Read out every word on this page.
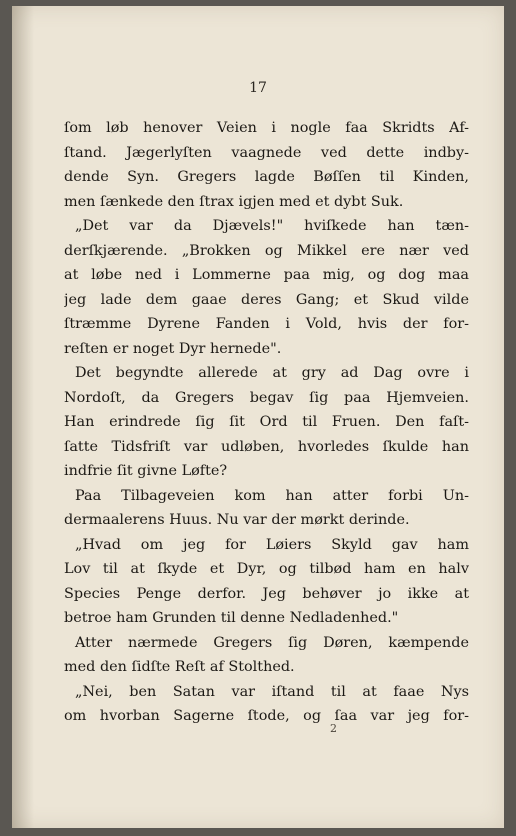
17
ſom løb henover Veien i nogle faa Skridts Af-
ſtand. Jægerlyſten vaagnede ved dette indby-
dende Syn. Gregers lagde Bøſſen til Kinden,
men ſænkede den ſtrax igjen med et dybt Suk.
„Det var da Djævels!" hviſkede han tæn-
derſkjærende. „Brokken og Mikkel ere nær ved
at løbe ned i Lommerne paa mig, og dog maa
jeg lade dem gaae deres Gang; et Skud vilde
ſtræmme Dyrene Fanden i Vold, hvis der for-
reſten er noget Dyr hernede".
Det begyndte allerede at gry ad Dag ovre i
Nordoſt, da Gregers begav ſig paa Hjemveien.
Han erindrede ſig ſit Ord til Fruen. Den faſt-
ſatte Tidsfriſt var udløben, hvorledes ſkulde han
indfrie ſit givne Løfte?
Paa Tilbageveien kom han atter forbi Un-
dermaalerens Huus. Nu var der mørkt derinde.
„Hvad om jeg for Løiers Skyld gav ham
Lov til at ſkyde et Dyr, og tilbød ham en halv
Species Penge derfor. Jeg behøver jo ikke at
betroe ham Grunden til denne Nedladenhed."
Atter nærmede Gregers ſig Døren, kæmpende
med den ſidſte Reſt af Stolthed.
„Nei, ben Satan var iſtand til at faae Nys
om hvorban Sagerne ſtode, og ſaa var jeg for-
2
